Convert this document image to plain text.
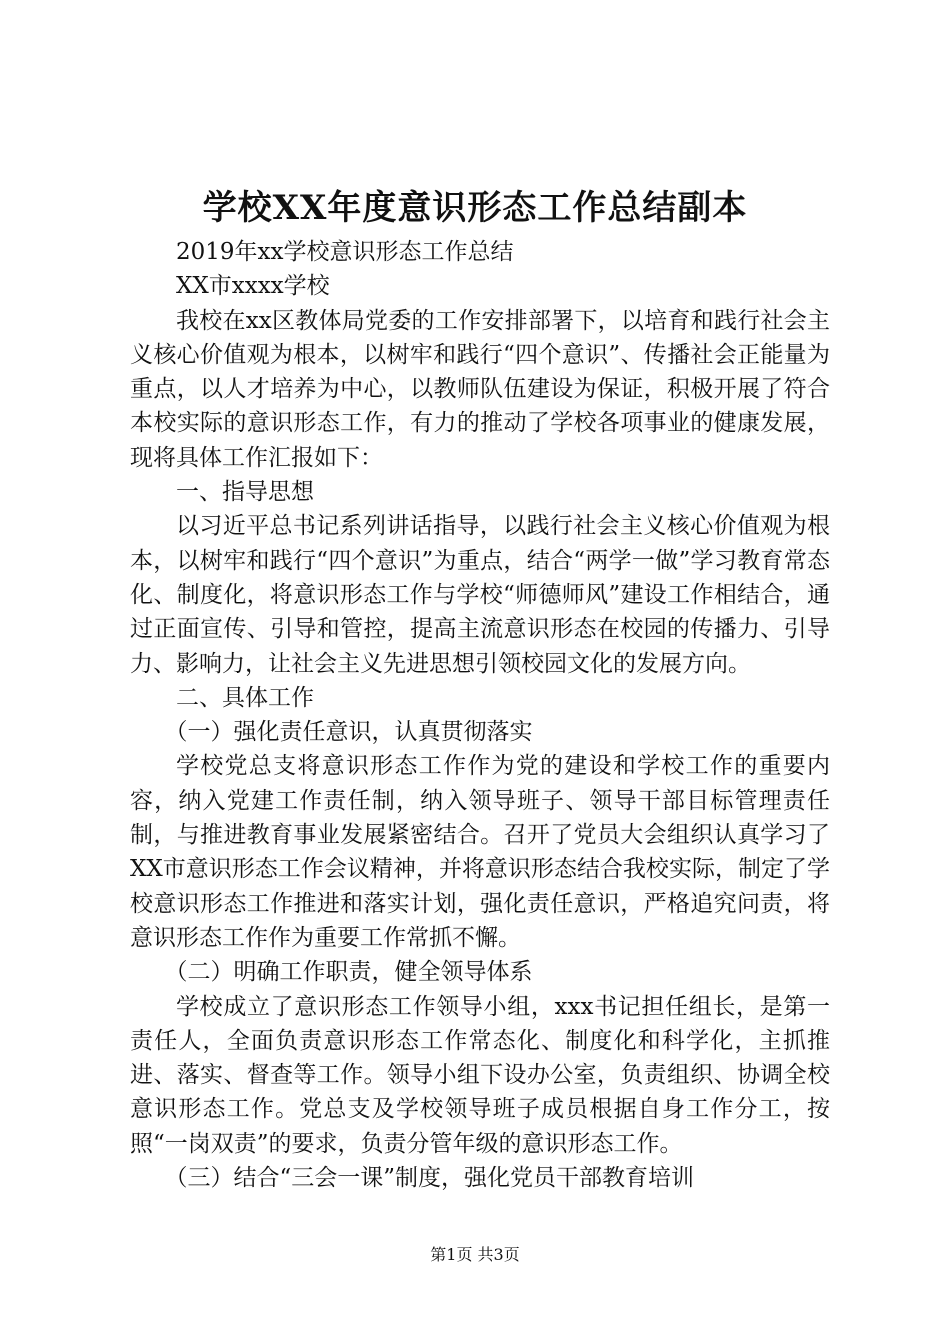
学校XX年度意识形态工作总结副本

2019年xx学校意识形态工作总结

XX市xxxx学校

我校在xx区教体局党委的工作安排部署下，以培育和践行社会主义核心价值观为根本，以树牢和践行“四个意识”、传播社会正能量为重点，以人才培养为中心，以教师队伍建设为保证，积极开展了符合本校实际的意识形态工作，有力的推动了学校各项事业的健康发展，现将具体工作汇报如下：

一、指导思想

以习近平总书记系列讲话指导，以践行社会主义核心价值观为根本，以树牢和践行“四个意识”为重点，结合“两学一做”学习教育常态化、制度化，将意识形态工作与学校“师德师风”建设工作相结合，通过正面宣传、引导和管控，提高主流意识形态在校园的传播力、引导力、影响力，让社会主义先进思想引领校园文化的发展方向。

二、具体工作

（一）强化责任意识，认真贯彻落实

学校党总支将意识形态工作作为党的建设和学校工作的重要内容，纳入党建工作责任制，纳入领导班子、领导干部目标管理责任制，与推进教育事业发展紧密结合。召开了党员大会组织认真学习了XX市意识形态工作会议精神，并将意识形态结合我校实际，制定了学校意识形态工作推进和落实计划，强化责任意识，严格追究问责，将意识形态工作作为重要工作常抓不懈。

（二）明确工作职责，健全领导体系

学校成立了意识形态工作领导小组，xxx书记担任组长，是第一责任人，全面负责意识形态工作常态化、制度化和科学化，主抓推进、落实、督查等工作。领导小组下设办公室，负责组织、协调全校意识形态工作。党总支及学校领导班子成员根据自身工作分工，按照“一岗双责”的要求，负责分管年级的意识形态工作。

（三）结合“三会一课”制度，强化党员干部教育培训

第1页 共3页
